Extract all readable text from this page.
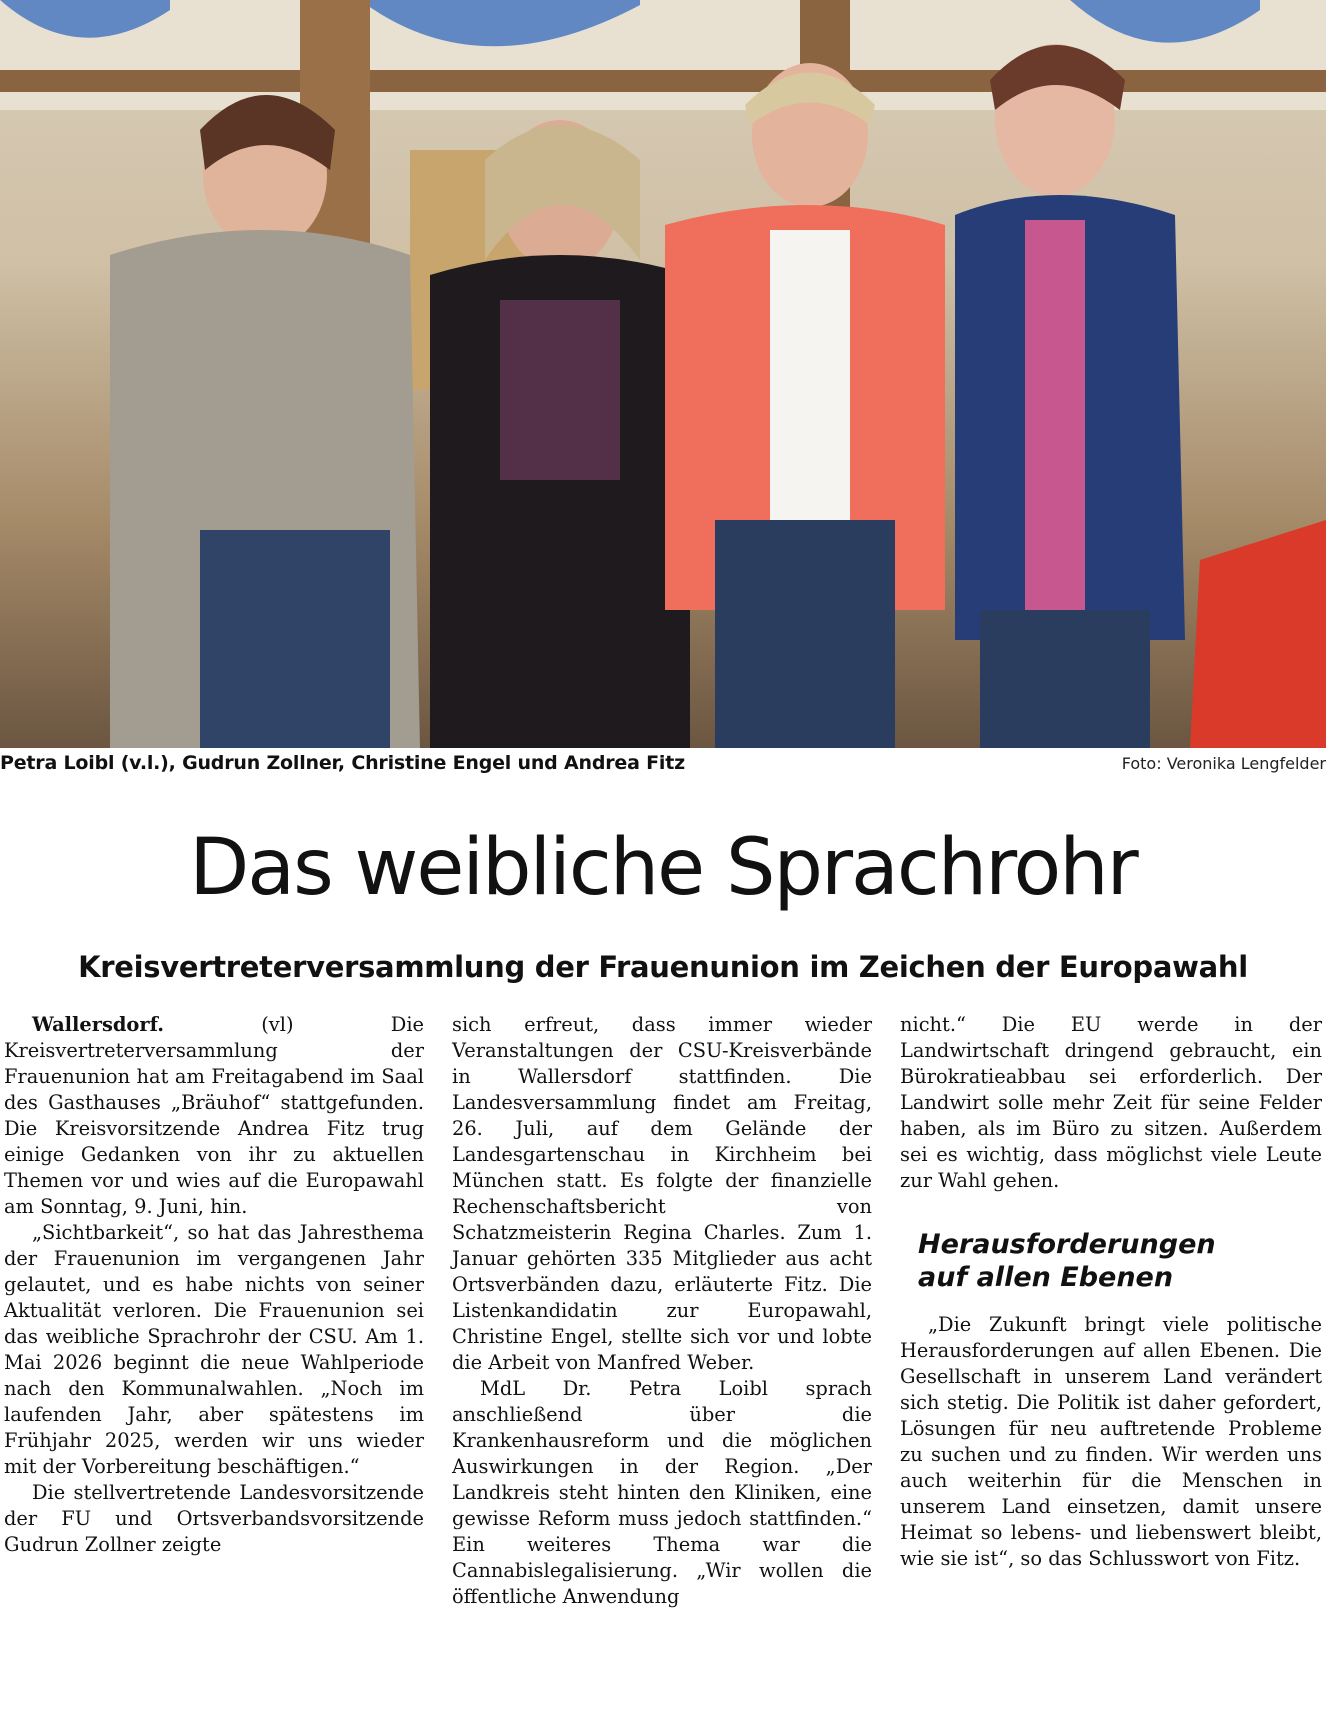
Petra Loibl (v.l.), Gudrun Zollner, Christine Engel und Andrea Fitz	Foto: Veronika Lengfelder
Das weibliche Sprachrohr
Kreisvertreterversammlung der Frauenunion im Zeichen der Europawahl

Wallersdorf. (vl) Die Kreisvertreterversammlung der Frauenunion hat am Freitagabend im Saal des Gasthauses „Bräuhof“ stattgefunden. Die Kreisvorsitzende Andrea Fitz trug einige Gedanken von ihr zu aktuellen Themen vor und wies auf die Europawahl am Sonntag, 9. Juni, hin.

„Sichtbarkeit“, so hat das Jahresthema der Frauenunion im vergangenen Jahr gelautet, und es habe nichts von seiner Aktualität verloren. Die Frauenunion sei das weibliche Sprachrohr der CSU. Am 1. Mai 2026 beginnt die neue Wahlperiode nach den Kommunalwahlen. „Noch im laufenden Jahr, aber spätestens im Frühjahr 2025, werden wir uns wieder mit der Vorbereitung beschäftigen.“

Die stellvertretende Landesvorsitzende der FU und Ortsverbandsvorsitzende Gudrun Zollner zeigte

sich erfreut, dass immer wieder Veranstaltungen der CSU-Kreisverbände in Wallersdorf stattfinden. Die Landesversammlung findet am Freitag, 26. Juli, auf dem Gelände der Landesgartenschau in Kirchheim bei München statt. Es folgte der finanzielle Rechenschaftsbericht von Schatzmeisterin Regina Charles. Zum 1. Januar gehörten 335 Mitglieder aus acht Ortsverbänden dazu, erläuterte Fitz. Die Listenkandidatin zur Europawahl, Christine Engel, stellte sich vor und lobte die Arbeit von Manfred Weber.

MdL Dr. Petra Loibl sprach anschließend über die Krankenhausreform und die möglichen Auswirkungen in der Region. „Der Landkreis steht hinten den Kliniken, eine gewisse Reform muss jedoch stattfinden.“ Ein weiteres Thema war die Cannabislegalisierung. „Wir wollen die öffentliche Anwendung

nicht.“ Die EU werde in der Landwirtschaft dringend gebraucht, ein Bürokratieabbau sei erforderlich. Der Landwirt solle mehr Zeit für seine Felder haben, als im Büro zu sitzen. Außerdem sei es wichtig, dass möglichst viele Leute zur Wahl gehen.

Herausforderungen
auf allen Ebenen

„Die Zukunft bringt viele politische Herausforderungen auf allen Ebenen. Die Gesellschaft in unserem Land verändert sich stetig. Die Politik ist daher gefordert, Lösungen für neu auftretende Probleme zu suchen und zu finden. Wir werden uns auch weiterhin für die Menschen in unserem Land einsetzen, damit unsere Heimat so lebens- und liebenswert bleibt, wie sie ist“, so das Schlusswort von Fitz.
